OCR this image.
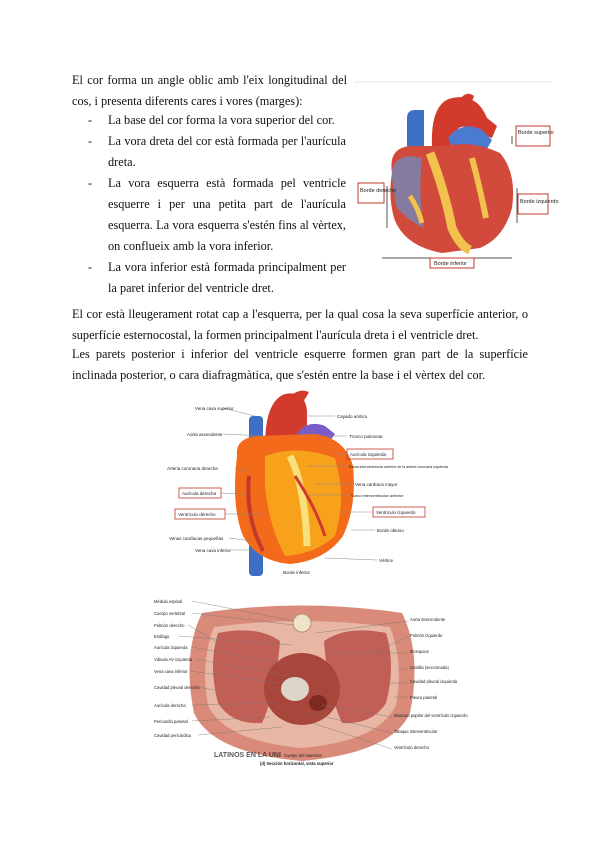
El cor forma un angle oblic amb l'eix longitudinal del cos, i presenta diferents cares i vores (marges):

- La base del cor forma la vora superior del cor.
- La vora dreta del cor està formada per l'aurícula dreta.
- La vora esquerra està formada pel ventricle esquerre i per una petita part de l'aurícula esquerra. La vora esquerra s'estén fins al vèrtex, on conflueix amb la vora inferior.
- La vora inferior està formada principalment per la paret inferior del ventricle dret.

El cor està lleugerament rotat cap a l'esquerra, per la qual cosa la seva superfície anterior, o superfície esternocostal, la formen principalment l'aurícula dreta i el ventricle dret.

Les parets posterior i inferior del ventricle esquerre formen gran part de la superfície inclinada posterior, o cara diafragmàtica, que s'estén entre la base i el vèrtex del cor.

Borde superior
Borde derecho
Borde izquierdo
Borde inferior
Vena cava superior
Aorta ascendente
Arteria coronaria derecha
Aurícula derecha
Ventrículo derecho
Venas cardíacas pequeñas
Vena cava inferior
Cayado aórtico
Tronco pulmonar
Aurícula izquierda
Rama interventricular anterior de la arteria coronaria izquierda
Vena cardíaca mayor
Surco interventricular anterior
Ventrículo izquierdo
Borde obtuso
Vértice
Borde inferior
Médula espinal
Cuerpo vertebral
Pulmón derecho
Esófago
Aurícula izquierda
Válvula AV izquierda
Vena cava inferior
Cavidad pleural derecha
Aurícula derecha
Pericardio parietal
Cavidad pericárdica
Aorta descendente
Pulmón izquierdo
Bronquios
Costilla (seccionada)
Cavidad pleural izquierda
Pleura parietal
Músculo papilar del ventrículo izquierdo
Tabique interventricular
Ventrículo derecho
Cuerpo del esternón
(d) Sección horizontal, vista superior
LATINOS EN LA UNI
